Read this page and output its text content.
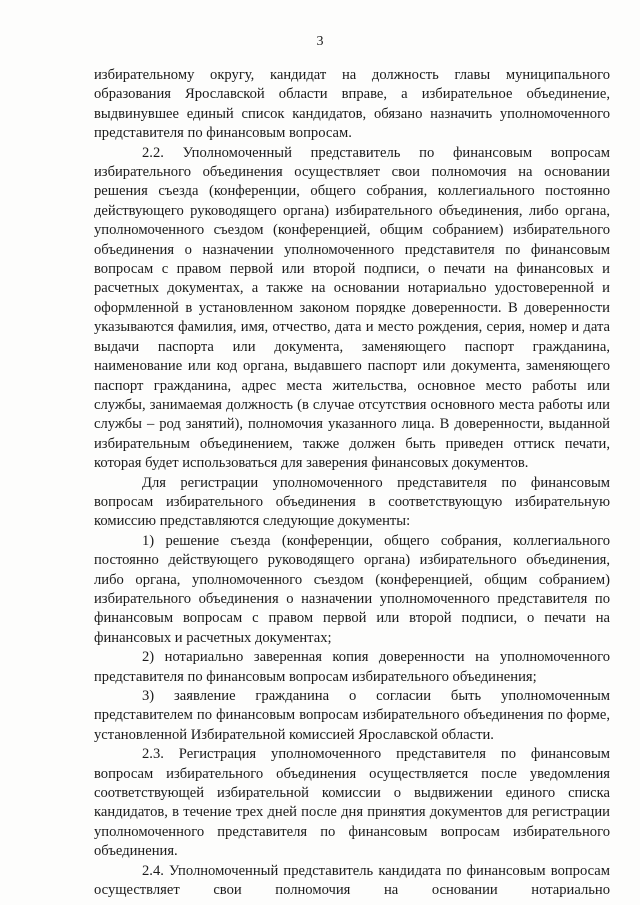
3

избирательному округу, кандидат на должность главы муниципального образования Ярославской области вправе, а избирательное объединение, выдвинувшее единый список кандидатов, обязано назначить уполномоченного представителя по финансовым вопросам.

2.2. Уполномоченный представитель по финансовым вопросам избирательного объединения осуществляет свои полномочия на основании решения съезда (конференции, общего собрания, коллегиального постоянно действующего руководящего органа) избирательного объединения, либо органа, уполномоченного съездом (конференцией, общим собранием) избирательного объединения о назначении уполномоченного представителя по финансовым вопросам с правом первой или второй подписи, о печати на финансовых и расчетных документах, а также на основании нотариально удостоверенной и оформленной в установленном законом порядке доверенности. В доверенности указываются фамилия, имя, отчество, дата и место рождения, серия, номер и дата выдачи паспорта или документа, заменяющего паспорт гражданина, наименование или код органа, выдавшего паспорт или документа, заменяющего паспорт гражданина, адрес места жительства, основное место работы или службы, занимаемая должность (в случае отсутствия основного места работы или службы – род занятий), полномочия указанного лица. В доверенности, выданной избирательным объединением, также должен быть приведен оттиск печати, которая будет использоваться для заверения финансовых документов.

Для регистрации уполномоченного представителя по финансовым вопросам избирательного объединения в соответствующую избирательную комиссию представляются следующие документы:

1) решение съезда (конференции, общего собрания, коллегиального постоянно действующего руководящего органа) избирательного объединения, либо органа, уполномоченного съездом (конференцией, общим собранием) избирательного объединения о назначении уполномоченного представителя по финансовым вопросам с правом первой или второй подписи, о печати на финансовых и расчетных документах;

2) нотариально заверенная копия доверенности на уполномоченного представителя по финансовым вопросам избирательного объединения;

3) заявление гражданина о согласии быть уполномоченным представителем по финансовым вопросам избирательного объединения по форме, установленной Избирательной комиссией Ярославской области.

2.3. Регистрация уполномоченного представителя по финансовым вопросам избирательного объединения осуществляется после уведомления соответствующей избирательной комиссии о выдвижении единого списка кандидатов, в течение трех дней после дня принятия документов для регистрации уполномоченного представителя по финансовым вопросам избирательного объединения.

2.4. Уполномоченный представитель кандидата по финансовым вопросам осуществляет свои полномочия на основании нотариально
